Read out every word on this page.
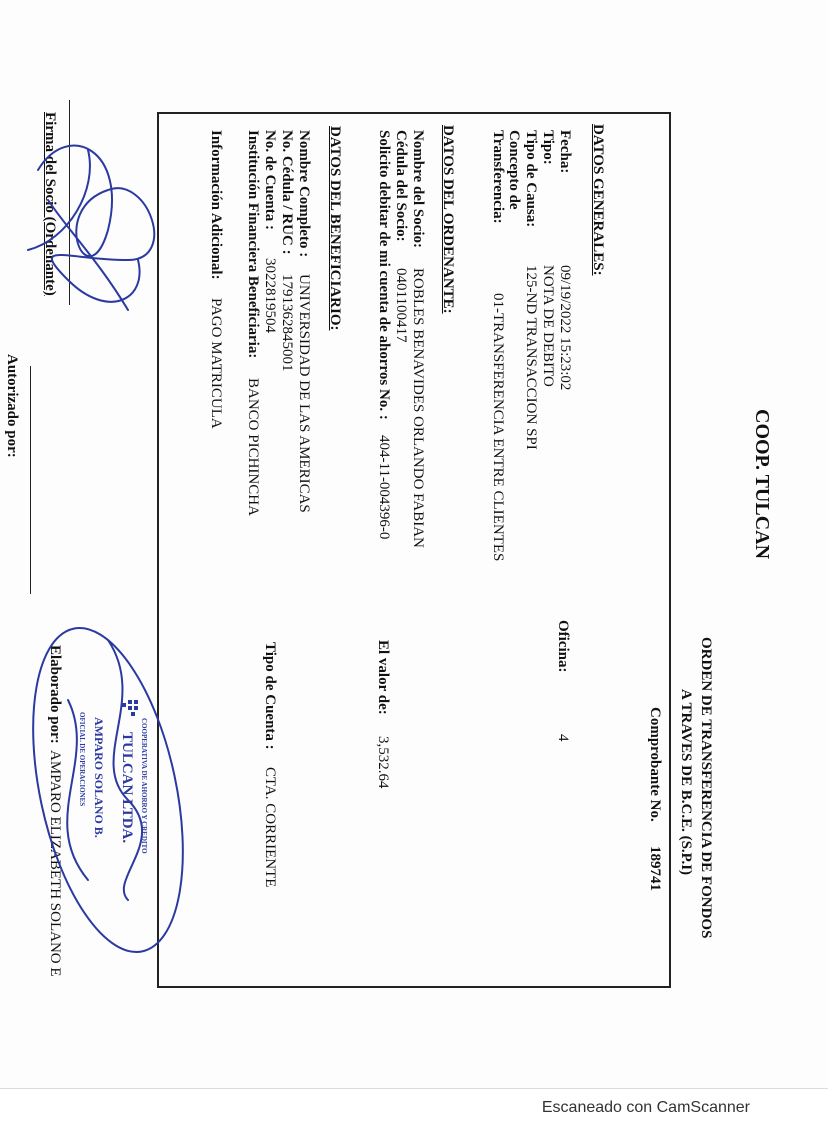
COOP. TULCAN
ORDEN DE TRANSFERENCIA DE FONDOS
A TRAVES DE B.C.E. (S.P.I)
Comprobante No.
189741
DATOS GENERALES:
Fecha:
09/19/2022 15:23:02
Oficina:
4
Tipo:
NOTA DE DEBITO
Tipo de Causa:
125-ND TRANSACCION SPI
Concepto de
Transferencia:
01-TRANSFERENCIA ENTRE CLIENTES
DATOS DEL ORDENANTE:
Nombre del Socio:
ROBLES BENAVIDES ORLANDO FABIAN
Cédula del Socio:
0401100417
Solicito debitar de mi cuenta de ahorros No. :
404-11-004396-0
El valor de:
3,532.64
DATOS DEL BENEFICIARIO:
Nombre Completo :
UNIVERSIDAD DE LAS AMERICAS
No. Cédula / RUC :
1791362845001
No. de Cuenta :
3022819504
Tipo de Cuenta :
CTA. CORRIENTE
Institución Financiera Beneficiaria:
BANCO PICHINCHA
Información Adicional:
PAGO MATRICULA
Firma del Socio (Ordenante)
Autorizado por:
Elaborado por:
AMPARO ELIZABETH SOLANO E	COOPERATIVA DE AHORRO Y CREDITO
TULCAN LTDA.
AMPARO SOLANO B.
OFICIAL DE OPERACIONES
Escaneado con CamScanner
